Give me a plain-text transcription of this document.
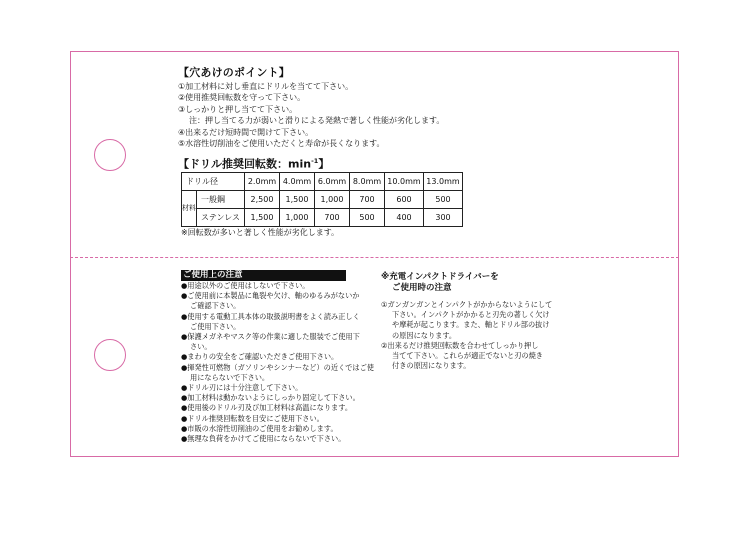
【穴あけのポイント】
①加工材料に対し垂直にドリルを当てて下さい。
②使用推奨回転数を守って下さい。
③しっかりと押し当てて下さい。
注：押し当てる力が弱いと滑りによる発熱で著しく性能が劣化します。
④出来るだけ短時間で開けて下さい。
⑤水溶性切削油をご使用いただくと寿命が長くなります。
【ドリル推奨回転数：$\min^{-1}$】
ドリル径		2.0mm	4.0mm	6.0mm	8.0mm	10.0mm	13.0mm
材料	一般鋼	2,500	1,500	1,000	700	600	500
	ステンレス	1,500	1,000	700	500	400	300
※回転数が多いと著しく性能が劣化します。
ご使用上の注意
●用途以外のご使用はしないで下さい。
●ご使用前に本製品に亀裂や欠け、軸のゆるみがないか
ご確認下さい。
●使用する電動工具本体の取扱説明書をよく読み正しく
ご使用下さい。
●保護メガネやマスク等の作業に適した服装でご使用下
さい。
●まわりの安全をご確認いただきご使用下さい。
●揮発性可燃物（ガソリンやシンナーなど）の近くではご使
用にならないで下さい。
●ドリル刃には十分注意して下さい。
●加工材料は動かないようにしっかり固定して下さい。
●使用後のドリル刃及び加工材料は高温になります。
●ドリル推奨回転数を目安にご使用下さい。
●市販の水溶性切削油のご使用をお勧めします。
●無理な負荷をかけてご使用にならないで下さい。
※充電インパクトドライバーを
ご使用時の注意
①ガンガンガンとインパクトがかからないようにして
下さい。インパクトがかかると刃先の著しく欠け
や摩耗が起こります。また、軸とドリル部の抜け
の原因になります。
②出来るだけ推奨回転数を合わせてしっかり押し
当てて下さい。これらが適正でないと刃の焼き
付きの原因になります。
